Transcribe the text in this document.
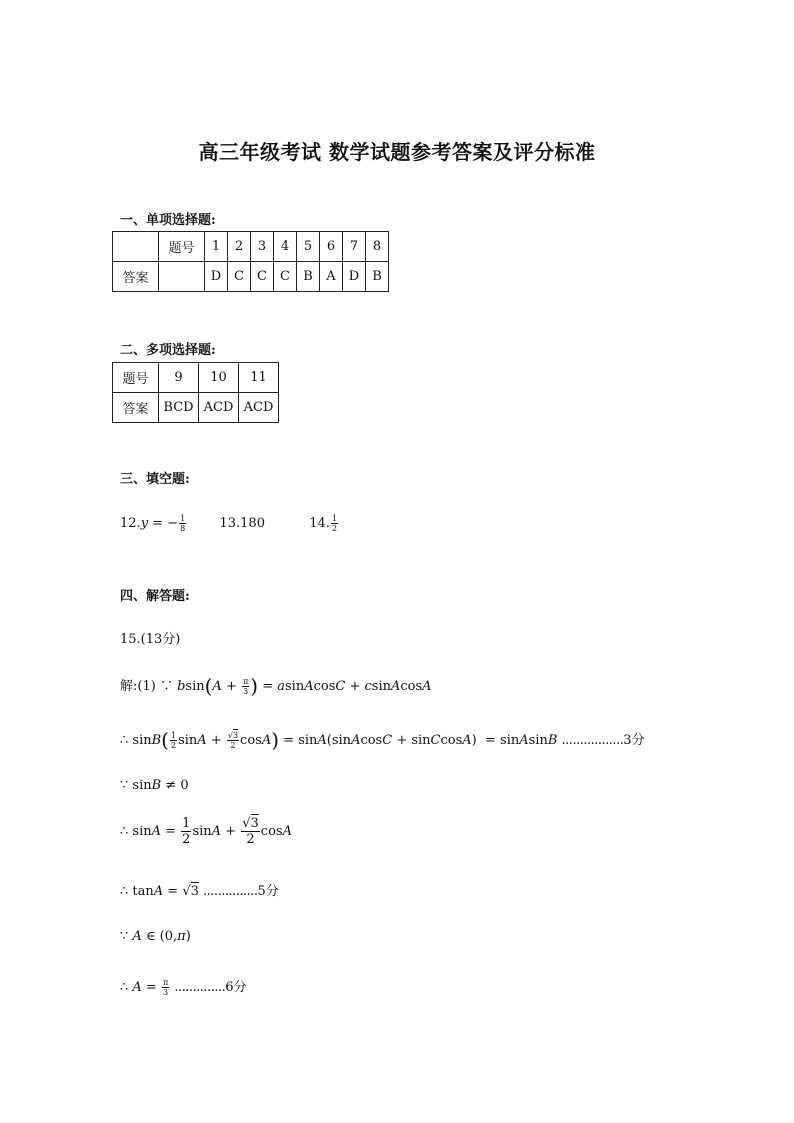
高三年级考试 数学试题参考答案及评分标准
一、单项选择题:
	题号	1	2	3	4	5	6	7	8
答案		D	C	C	C	B	A	D	B
二、多项选择题:
题号	9	10	11
答案	BCD	ACD	ACD
三、填空题:
12.y = − $\frac{1}{8}$	13.180	14. $\frac{1}{2}$
四、解答题:
15.(13分)
解:(1) ∵ $bsin(A + \frac{\pi}{3}$ ) = asinAcosC + csinAcosA
∴ $\sin B( \frac{1}{2}$ $\sin A + \frac{√3}{2} \cos A$) = sinA(sinAcosC + sinCcosA)  = sinAsinB .................3分
∵ sinB ≠ 0
∴ $\sin A = \frac{1}{2}$ $\sin A + \frac{√3}{2}$ cosA
∴ tanA = √3 ...............5分
∵ A ∈ (0,π)
∴ $A = \frac{\pi}{3} ..............6$分
